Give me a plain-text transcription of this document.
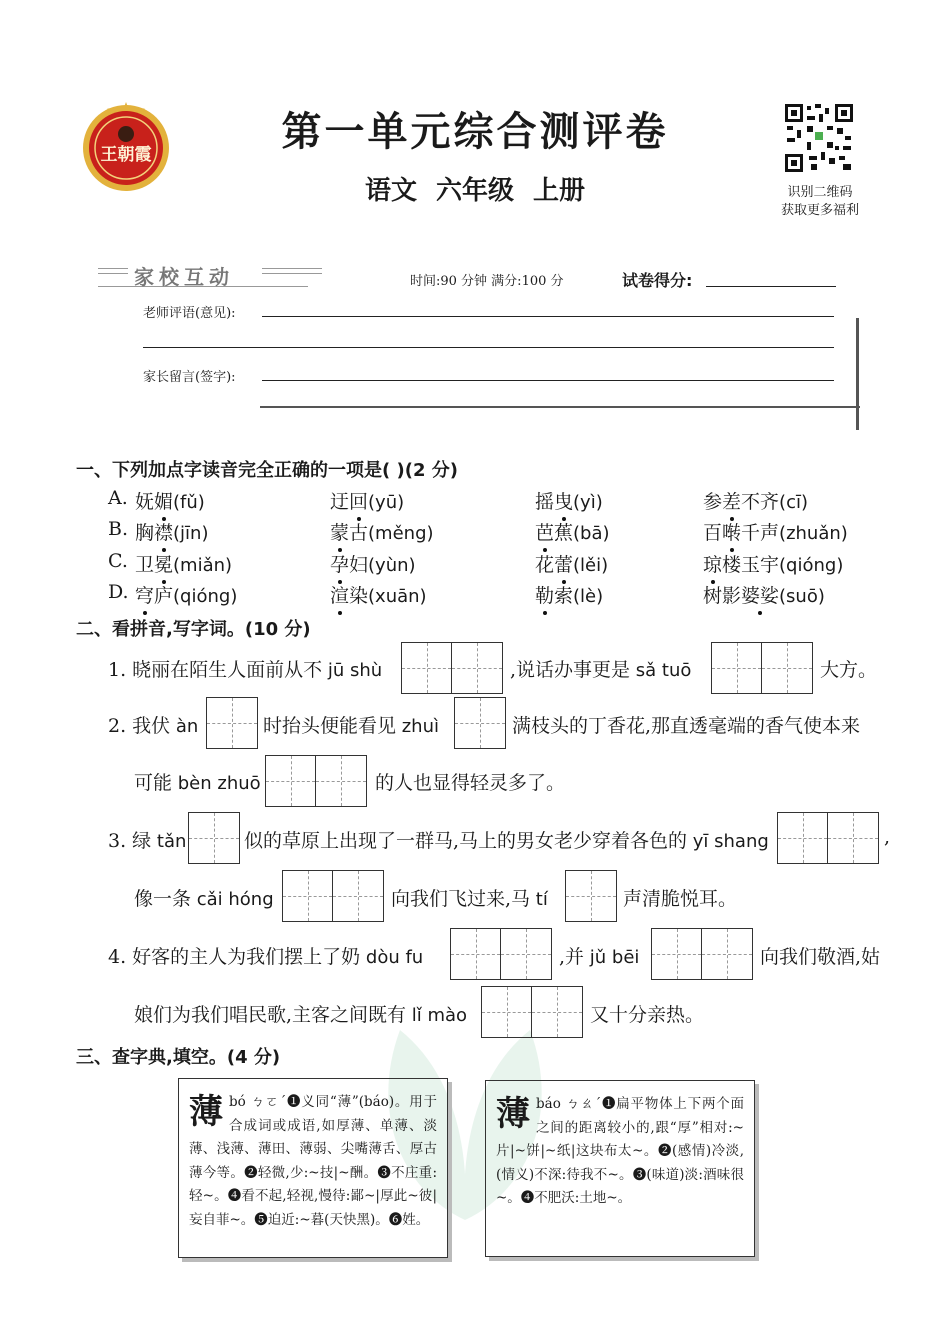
王朝霞	第一单元综合测评卷
语文 六年级 上册	识别二维码
获取更多福利
家校互动	时间:90 分钟 满分:100 分	试卷得分:
老师评语(意见):
家长留言(签字):
一、下列加点字读音完全正确的一项是( )(2 分)
A. 妩媚(fǔ)	迂回(yū)	摇曳(yì)	参差不齐(cī)
B. 胸襟(jīn)	蒙古(měng)	芭蕉(bā)	百啭千声(zhuǎn)
C. 卫冕(miǎn)	孕妇(yùn)	花蕾(lěi)	琼楼玉宇(qióng)
D. 穹庐(qióng)	渲染(xuān)	勒索(lè)	树影婆娑(suō)
二、看拼音,写字词。(10 分)
1. 晓丽在陌生人面前从不 jū shù	,说话办事更是 sǎ tuō	大方。
2. 我伏 àn	时抬头便能看见 zhuì	满枝头的丁香花,那直透毫端的香气使本来
可能 bèn zhuō	的人也显得轻灵多了。
3. 绿 tǎn	似的草原上出现了一群马,马上的男女老少穿着各色的 yī shang	,
像一条 cǎi hóng	向我们飞过来,马 tí	声清脆悦耳。
4. 好客的主人为我们摆上了奶 dòu fu	,并 jǔ bēi	向我们敬酒,姑
娘们为我们唱民歌,主客之间既有 lǐ mào	又十分亲热。
三、查字典,填空。(4 分)
薄 bó ㄅㄛˊ❶义同“薄”(báo)。用于合成词或成语,如厚薄、单薄、淡薄、浅薄、薄田、薄弱、尖嘴薄舌、厚古薄今等。❷轻微,少:~技|~酬。❸不庄重:轻~。❹看不起,轻视,慢待:鄙~|厚此~彼|妄自菲~。❺迫近:~暮(天快黑)。❻姓。
薄 báo ㄅㄠˊ❶扁平物体上下两个面之间的距离较小的,跟“厚”相对:~片|~饼|~纸|这块布太~。❷(感情)冷淡,(情义)不深:待我不~。❸(味道)淡:酒味很~。❹不肥沃:土地~。
